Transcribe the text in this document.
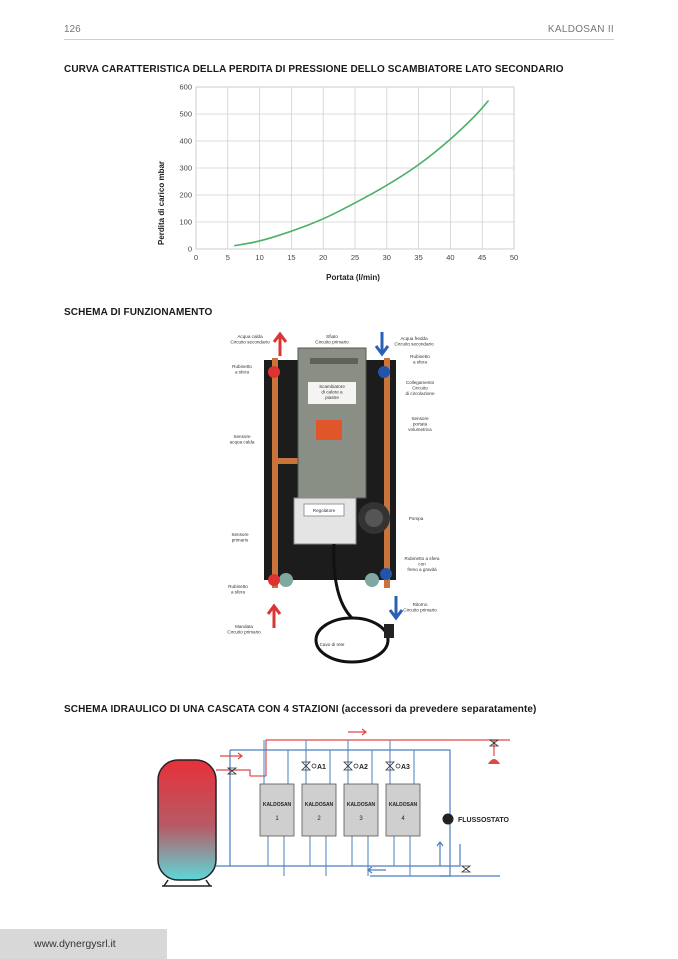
126	KALDOSAN II
CURVA CARATTERISTICA DELLA PERDITA DI PRESSIONE DELLO SCAMBIATORE LATO SECONDARIO
0	5	10	15	20	25	30	35	40	45	50
0
100
200
300
400
500
600
Portata (l/min)
Perdita di carico mbar
SCHEMA DI FUNZIONAMENTO
Acqua calda Circuito secondario
Sfiato Circuito primario
Acqua fredda Circuito secondario
Rubinetto a sfera
Rubinetto a sfera
Scambiatore di calore a piastre
Collegamento Circuito di circolazione
Sensore portata volumetrica
Sensore acqua calda
Regolatore
Pompa
Sensore primario
Rubinetto a sfera con freno a gravità
Rubinetto a sfera
Ritorno Circuito primario
Mandata Circuito primario
Cavo di rete
SCHEMA IDRAULICO DI UNA CASCATA CON 4 STAZIONI (accessori da prevedere separatamente)
FLUSSOSTATO
KALDOSAN
1
KALDOSAN
2
KALDOSAN
3
KALDOSAN
4
A1	A2	A3
www.dynergysrl.it
